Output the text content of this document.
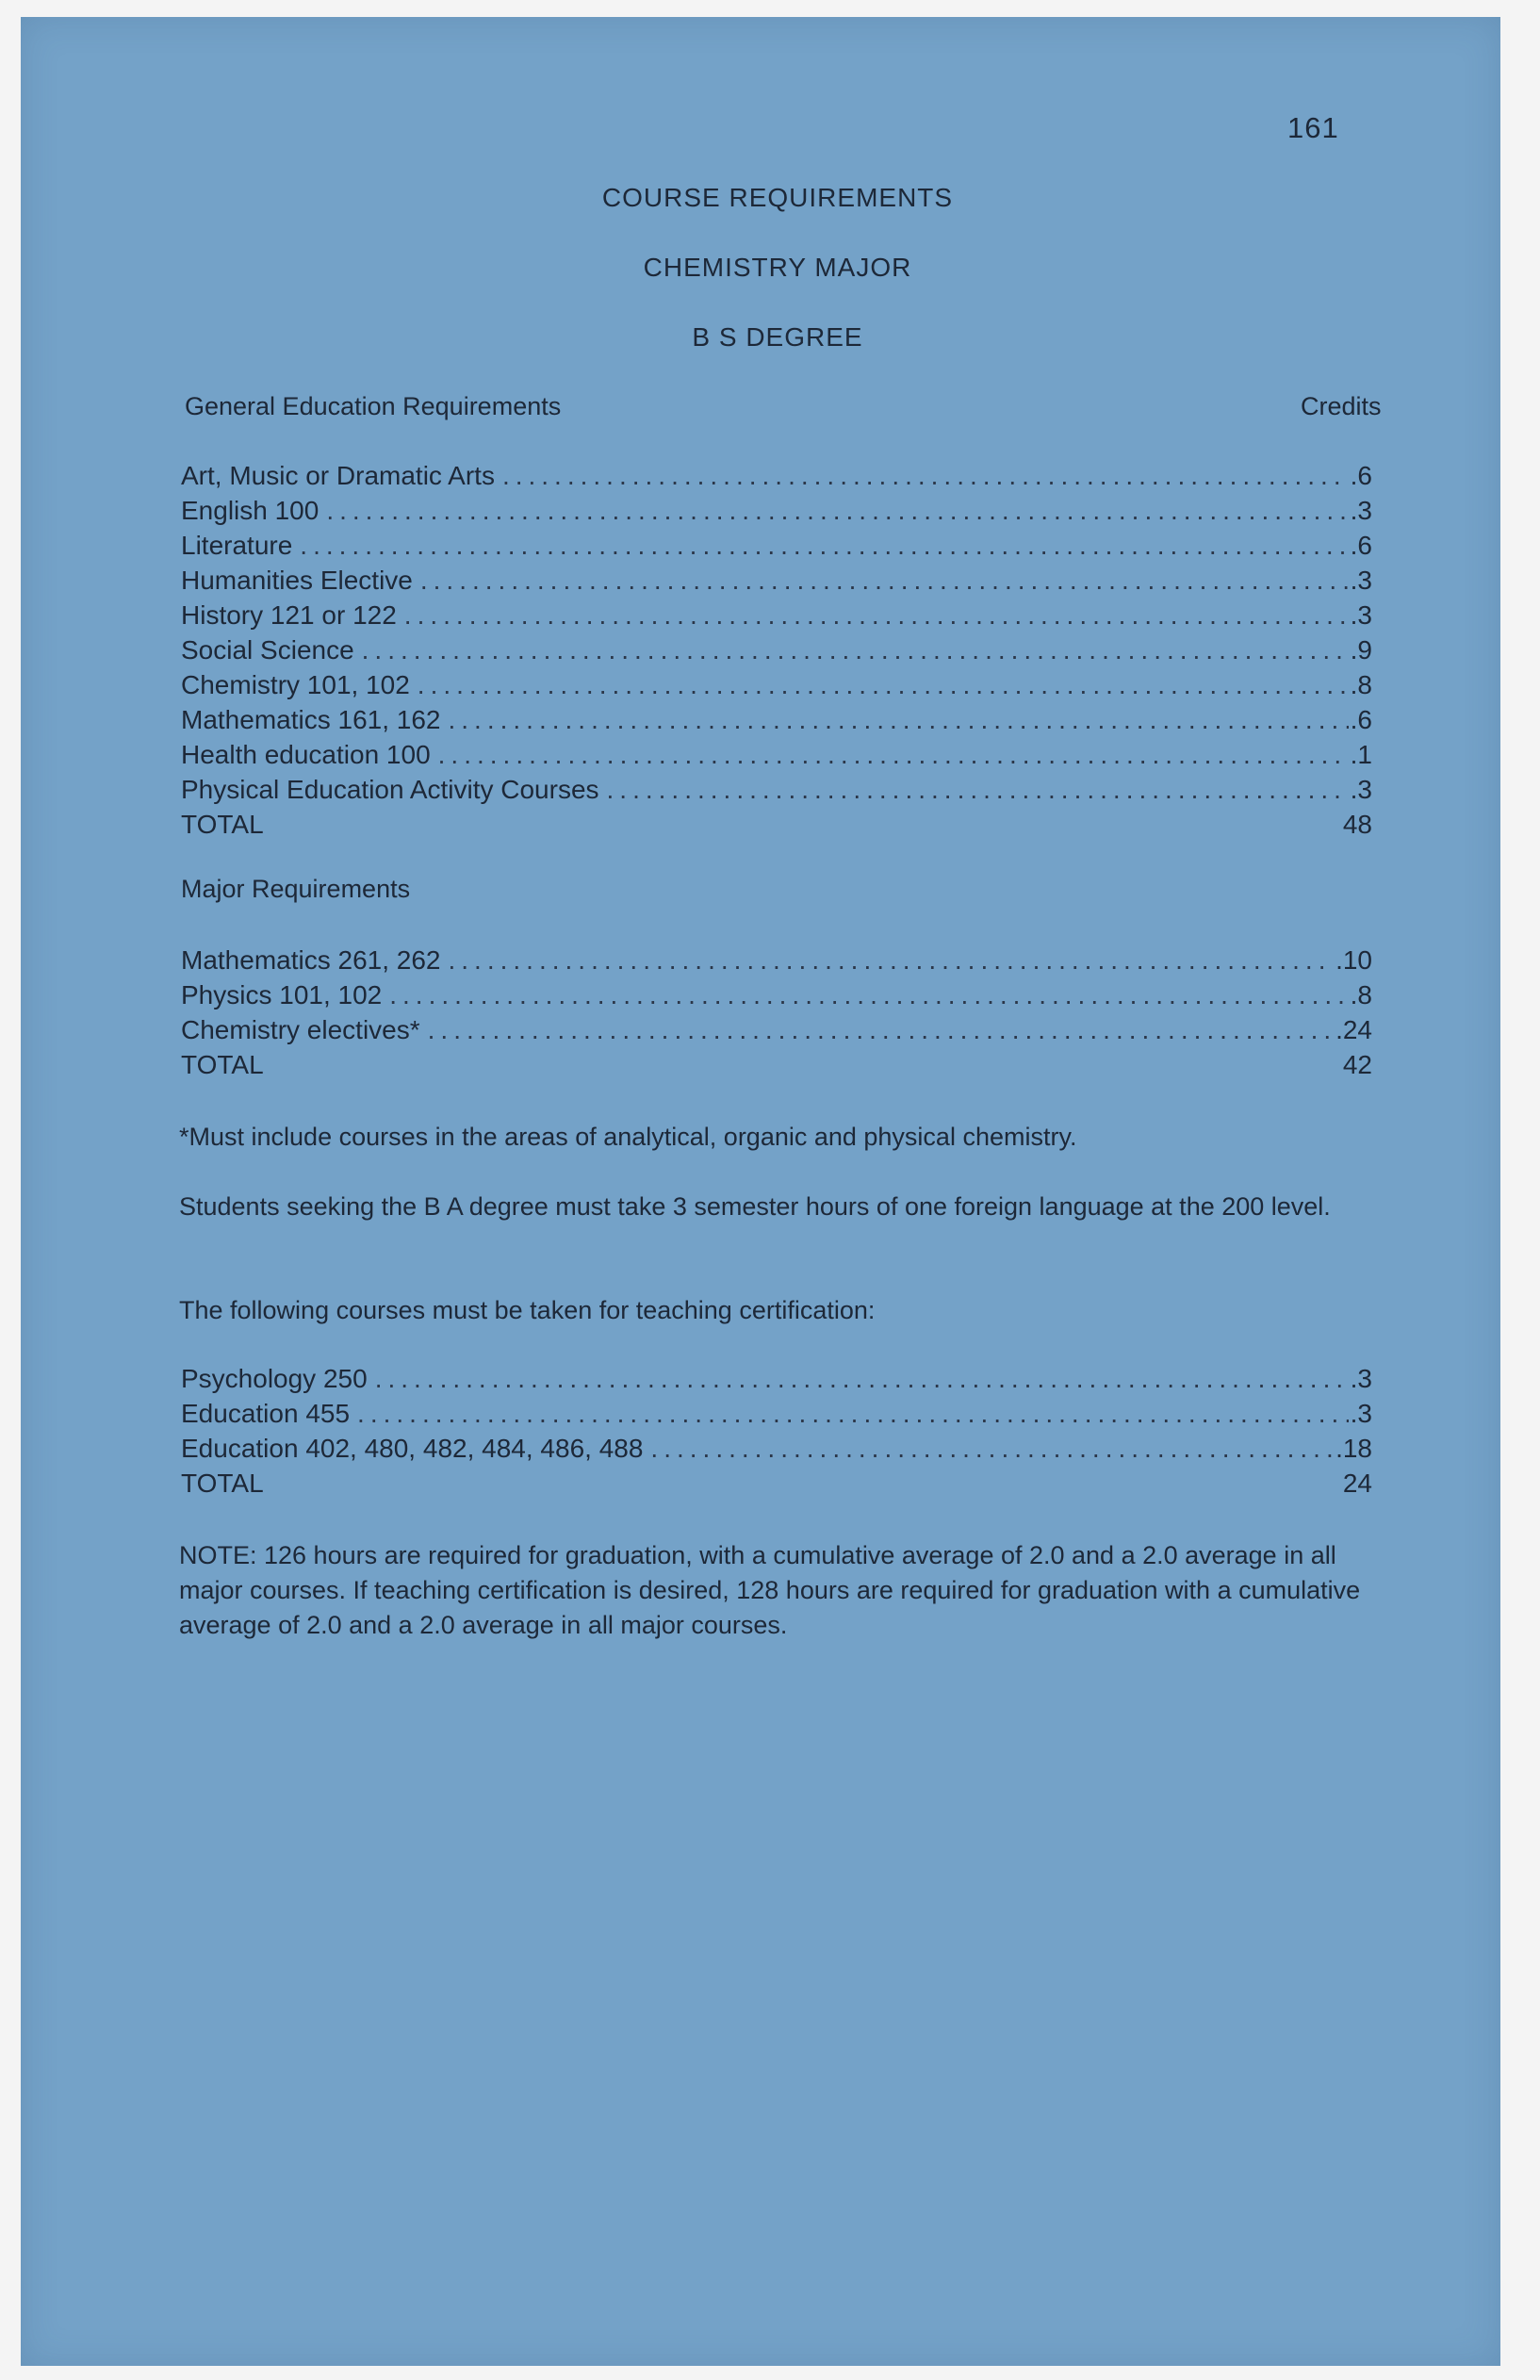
161
COURSE REQUIREMENTS
CHEMISTRY MAJOR
B S DEGREE
General Education Requirements	Credits
Art, Music or Dramatic Arts .....	.6
English 100 .....	.3
Literature .....	.6
Humanities Elective .....	.3
History 121 or 122 .....	.3
Social Science .....	.9
Chemistry 101, 102 .....	.8
Mathematics 161, 162 .....	.6
Health education 100 .....	.1
Physical Education Activity Courses .....	.3
TOTAL	48
Major Requirements
Mathematics 261, 262 .....	.10
Physics 101, 102 .....	.8
Chemistry electives* .....	.24
TOTAL	42
*Must include courses in the areas of analytical, organic and physical chemistry.
Students seeking the B A degree must take 3 semester hours of one foreign language at the 200 level.
The following courses must be taken for teaching certification:
Psychology 250 .....	.3
Education 455 .....	.3
Education 402, 480, 482, 484, 486, 488 .....	.18
TOTAL	24
NOTE: 126 hours are required for graduation, with a cumulative average of 2.0 and a 2.0 average in all major courses. If teaching certification is desired, 128 hours are required for graduation with a cumulative average of 2.0 and a 2.0 average in all major courses.
